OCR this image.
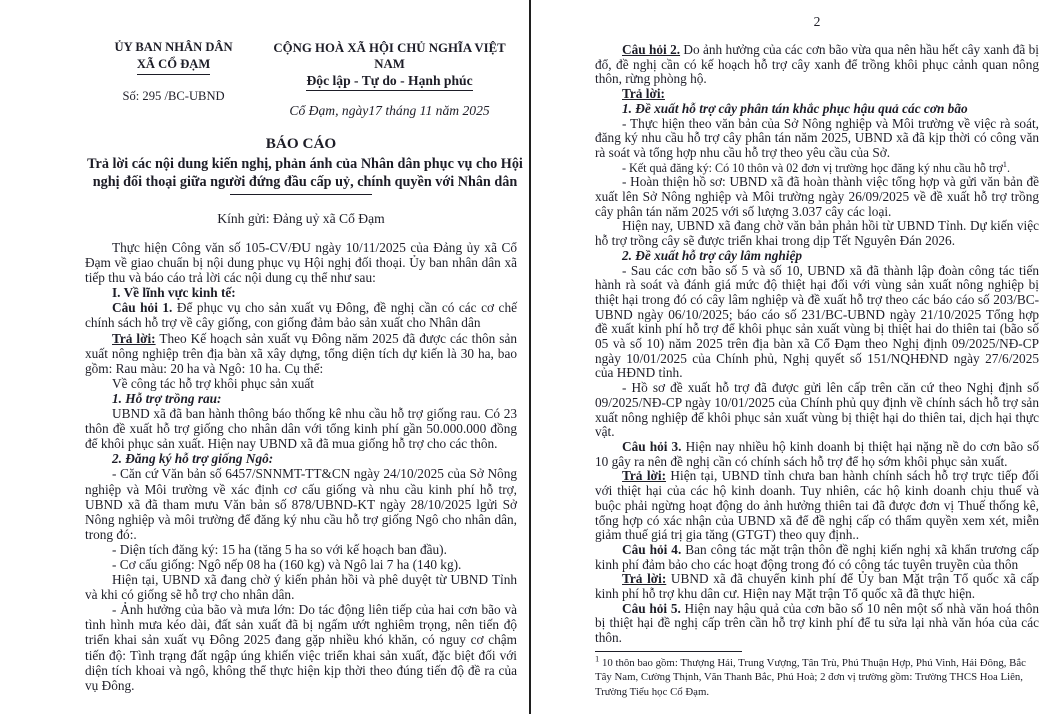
ỦY BAN NHÂN DÂN
XÃ CỔ ĐẠM
Số: 295 /BC-UBND
CỘNG HOÀ XÃ HỘI CHỦ NGHĨA VIỆT NAM
Độc lập - Tự do - Hạnh phúc
Cổ Đạm, ngày17 tháng 11 năm 2025
BÁO CÁO
Trả lời các nội dung kiến nghị, phản ánh của Nhân dân phục vụ cho Hội nghị đối thoại giữa người đứng đầu cấp uỷ, chính quyền với Nhân dân
Kính gửi: Đảng uỷ xã Cổ Đạm

Thực hiện Công văn số 105-CV/ĐU ngày 10/11/2025 của Đảng ủy xã Cổ Đạm về giao chuẩn bị nội dung phục vụ Hội nghị đối thoại. Ủy ban nhân dân xã tiếp thu và báo cáo trả lời các nội dung cụ thể như sau:

I. Về lĩnh vực kinh tế:

Câu hỏi 1. Để phục vụ cho sản xuất vụ Đông, đề nghị cần có các cơ chế chính sách hỗ trợ về cây giống, con giống đảm bảo sản xuất cho Nhân dân

Trả lời: Theo Kế hoạch sản xuất vụ Đông năm 2025 đã được các thôn sản xuất nông nghiệp trên địa bàn xã xây dựng, tổng diện tích dự kiến là 30 ha, bao gồm: Rau màu: 20 ha và Ngô: 10 ha. Cụ thể:

Về công tác hỗ trợ khôi phục sản xuất

1. Hỗ trợ trồng rau:

UBND xã đã ban hành thông báo thống kê nhu cầu hỗ trợ giống rau. Có 23 thôn đề xuất hỗ trợ giống cho nhân dân với tổng kinh phí gần 50.000.000 đồng để khôi phục sản xuất. Hiện nay UBND xã đã mua giống hỗ trợ cho các thôn.

2. Đăng ký hỗ trợ giống Ngô:

- Căn cứ Văn bản số 6457/SNNMT-TT&CN ngày 24/10/2025 của Sở Nông nghiệp và Môi trường về xác định cơ cấu giống và nhu cầu kinh phí hỗ trợ, UBND xã đã tham mưu Văn bản số 878/UBND-KT ngày 28/10/2025 lgửi Sở Nông nghiệp và môi trường để đăng ký nhu cầu hỗ trợ giống Ngô cho nhân dân, trong đó:.

- Diện tích đăng ký: 15 ha (tăng 5 ha so với kế hoạch ban đầu).

- Cơ cấu giống: Ngô nếp 08 ha (160 kg) và Ngô lai 7 ha (140 kg).

Hiện tại, UBND xã đang chờ ý kiến phản hồi và phê duyệt từ UBND Tỉnh và khi có giống sẽ hỗ trợ cho nhân dân.

- Ảnh hưởng của bão và mưa lớn: Do tác động liên tiếp của hai cơn bão và tình hình mưa kéo dài, đất sản xuất đã bị ngấm ướt nghiêm trọng, nên tiến độ triển khai sản xuất vụ Đông 2025 đang gặp nhiều khó khăn, có nguy cơ chậm tiến độ: Tình trạng đất ngập úng khiến việc triển khai sản xuất, đặc biệt đối với diện tích khoai và ngô, không thể thực hiện kịp thời theo đúng tiến độ đề ra của vụ Đông.

2

Câu hỏi 2. Do ảnh hưởng của các cơn bão vừa qua nên hầu hết cây xanh đã bị đổ, đề nghị cần có kế hoạch hỗ trợ cây xanh để trồng khôi phục cảnh quan nông thôn, rừng phòng hộ.

Trả lời:

1. Đề xuất hỗ trợ cây phân tán khắc phục hậu quả các cơn bão

- Thực hiện theo văn bản của Sở Nông nghiệp và Môi trường về việc rà soát, đăng ký nhu cầu hỗ trợ cây phân tán năm 2025, UBND xã đã kịp thời có công văn rà soát và tổng hợp nhu cầu hỗ trợ theo yêu cầu của Sở.

- Kết quả đăng ký: Có 10 thôn và 02 đơn vị trường học đăng ký nhu cầu hỗ trợ$^1$.

- Hoàn thiện hồ sơ: UBND xã đã hoàn thành việc tổng hợp và gửi văn bản đề xuất lên Sở Nông nghiệp và Môi trường ngày 26/09/2025 về đề xuất hỗ trợ trồng cây phân tán năm 2025 với số lượng 3.037 cây các loại.

Hiện nay, UBND xã đang chờ văn bản phản hồi từ UBND Tỉnh. Dự kiến việc hỗ trợ trồng cây sẽ được triển khai trong dịp Tết Nguyên Đán 2026.

2. Đề xuất hỗ trợ cây lâm nghiệp

- Sau các cơn bão số 5 và số 10, UBND xã đã thành lập đoàn công tác tiến hành rà soát và đánh giá mức độ thiệt hại đối với vùng sản xuất nông nghiệp bị thiệt hại trong đó có cây lâm nghiệp và đề xuất hỗ trợ theo các báo cáo số 203/BC-UBND ngày 06/10/2025; báo cáo số 231/BC-UBND ngày 21/10/2025 Tổng hợp đề xuất kinh phí hỗ trợ để khôi phục sản xuất vùng bị thiệt hai do thiên tai (bão số 05 và số 10) năm 2025 trên địa bàn xã Cổ Đạm theo Nghị định 09/2025/NĐ-CP ngày 10/01/2025 của Chính phủ, Nghị quyết số 151/NQHĐND ngày 27/6/2025 của HĐND tỉnh.

- Hồ sơ đề xuất hỗ trợ đã được gửi lên cấp trên căn cứ theo Nghị định số 09/2025/NĐ-CP ngày 10/01/2025 của Chính phủ quy định về chính sách hỗ trợ sản xuất nông nghiệp để khôi phục sản xuất vùng bị thiệt hại do thiên tai, dịch hại thực vật.

Câu hỏi 3. Hiện nay nhiều hộ kinh doanh bị thiệt hại nặng nề do cơn bão số 10 gây ra nên đề nghị cần có chính sách hỗ trợ để họ sớm khôi phục sản xuất.

Trả lời: Hiện tại, UBND tỉnh chưa ban hành chính sách hỗ trợ trực tiếp đối với thiệt hại của các hộ kinh doanh. Tuy nhiên, các hộ kinh doanh chịu thuế và buộc phải ngừng hoạt động do ảnh hưởng thiên tai đã được đơn vị Thuế thống kê, tổng hợp có xác nhận của UBND xã để đề nghị cấp có thẩm quyền xem xét, miễn giảm thuế giá trị gia tăng (GTGT) theo quy định..

Câu hỏi 4. Ban công tác mặt trận thôn đề nghị kiến nghị xã khẩn trương cấp kinh phí đảm bảo cho các hoạt động trong đó có công tác tuyên truyền của thôn

Trả lời: UBND xã đã chuyển kinh phí để Ủy ban Mặt trận Tổ quốc xã cấp kinh phí hỗ trợ khu dân cư. Hiện nay Mặt trận Tổ quốc xã đã thực hiện.

Câu hỏi 5. Hiện nay hậu quả của cơn bão số 10 nên một số nhà văn hoá thôn bị thiệt hại đề nghị cấp trên cần hỗ trợ kinh phí để tu sửa lại nhà văn hóa của các thôn.

$^1$ 10 thôn bao gồm: Thượng Hải, Trung Vượng, Tân Trù, Phú Thuận Hợp, Phú Vinh, Hải Đông, Bắc Tây Nam, Cường Thịnh, Văn Thanh Bắc, Phú Hoà; 2 đơn vị trường gồm: Trường THCS Hoa Liên, Trường Tiểu học Cổ Đạm.
